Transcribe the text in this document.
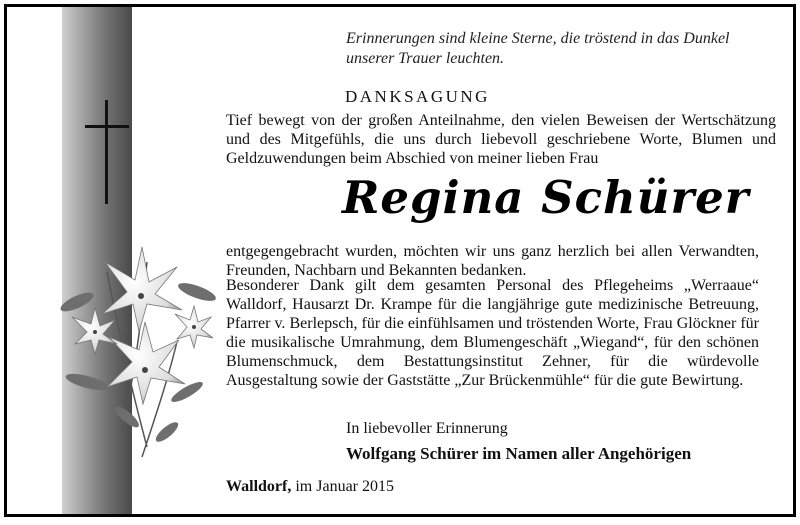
Erinnerungen sind kleine Sterne, die tröstend in das Dunkel
unserer Trauer leuchten.
DANKSAGUNG

Tief bewegt von der großen Anteilnahme, den vielen Beweisen der Wertschätzung und des Mitgefühls, die uns durch liebevoll geschriebene Worte, Blumen und Geldzuwendungen beim Abschied von meiner lieben Frau

Regina Schürer

entgegengebracht wurden, möchten wir uns ganz herzlich bei allen Verwandten, Freunden, Nachbarn und Bekannten bedanken.

Besonderer Dank gilt dem gesamten Personal des Pflegeheims „Werraaue“ Walldorf, Hausarzt Dr. Krampe für die langjährige gute medizinische Betreuung, Pfarrer v. Berlepsch, für die einfühlsamen und tröstenden Worte, Frau Glöckner für die musikalische Umrahmung, dem Blumengeschäft „Wiegand“, für den schönen Blumenschmuck, dem Bestattungsinstitut Zehner, für die würdevolle Ausgestaltung sowie der Gaststätte „Zur Brückenmühle“ für die gute Bewirtung.

In liebevoller Erinnerung
Wolfgang Schürer im Namen aller Angehörigen
Walldorf, im Januar 2015
